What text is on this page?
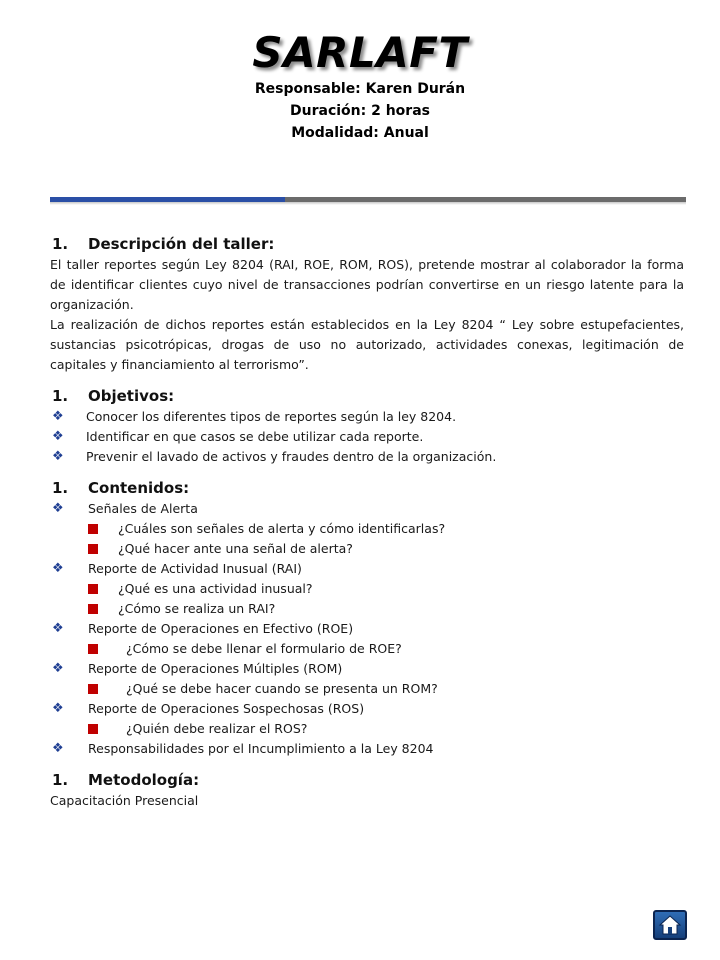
SARLAFT
Responsable: Karen Durán
Duración: 2 horas
Modalidad: Anual
1.	Descripción del taller:
El taller reportes según Ley 8204 (RAI, ROE, ROM, ROS), pretende mostrar al colaborador la forma de identificar clientes cuyo nivel de transacciones podrían convertirse en un riesgo latente para la organización.
La realización de dichos reportes están establecidos en la Ley 8204 “ Ley sobre estupefacientes, sustancias psicotrópicas, drogas de uso no autorizado, actividades conexas, legitimación de capitales y financiamiento al terrorismo”.
1.	Objetivos:
❖	Conocer los diferentes tipos de reportes según la ley 8204.
❖	Identificar en que casos se debe utilizar cada reporte.
❖	Prevenir el lavado de activos y fraudes dentro de la organización.
1.	Contenidos:
❖	Señales de Alerta
¿Cuáles son señales de alerta y cómo identificarlas?
¿Qué hacer ante una señal de alerta?
❖	Reporte de Actividad Inusual (RAI)
¿Qué es una actividad inusual?
¿Cómo se realiza un RAI?
❖	Reporte de Operaciones en Efectivo (ROE)
¿Cómo se debe llenar el formulario de ROE?
❖	Reporte de Operaciones Múltiples (ROM)
¿Qué se debe hacer cuando se presenta un ROM?
❖	Reporte de Operaciones Sospechosas (ROS)
¿Quién debe realizar el ROS?
❖	Responsabilidades por el Incumplimiento a la Ley 8204
1.	Metodología:
Capacitación Presencial
